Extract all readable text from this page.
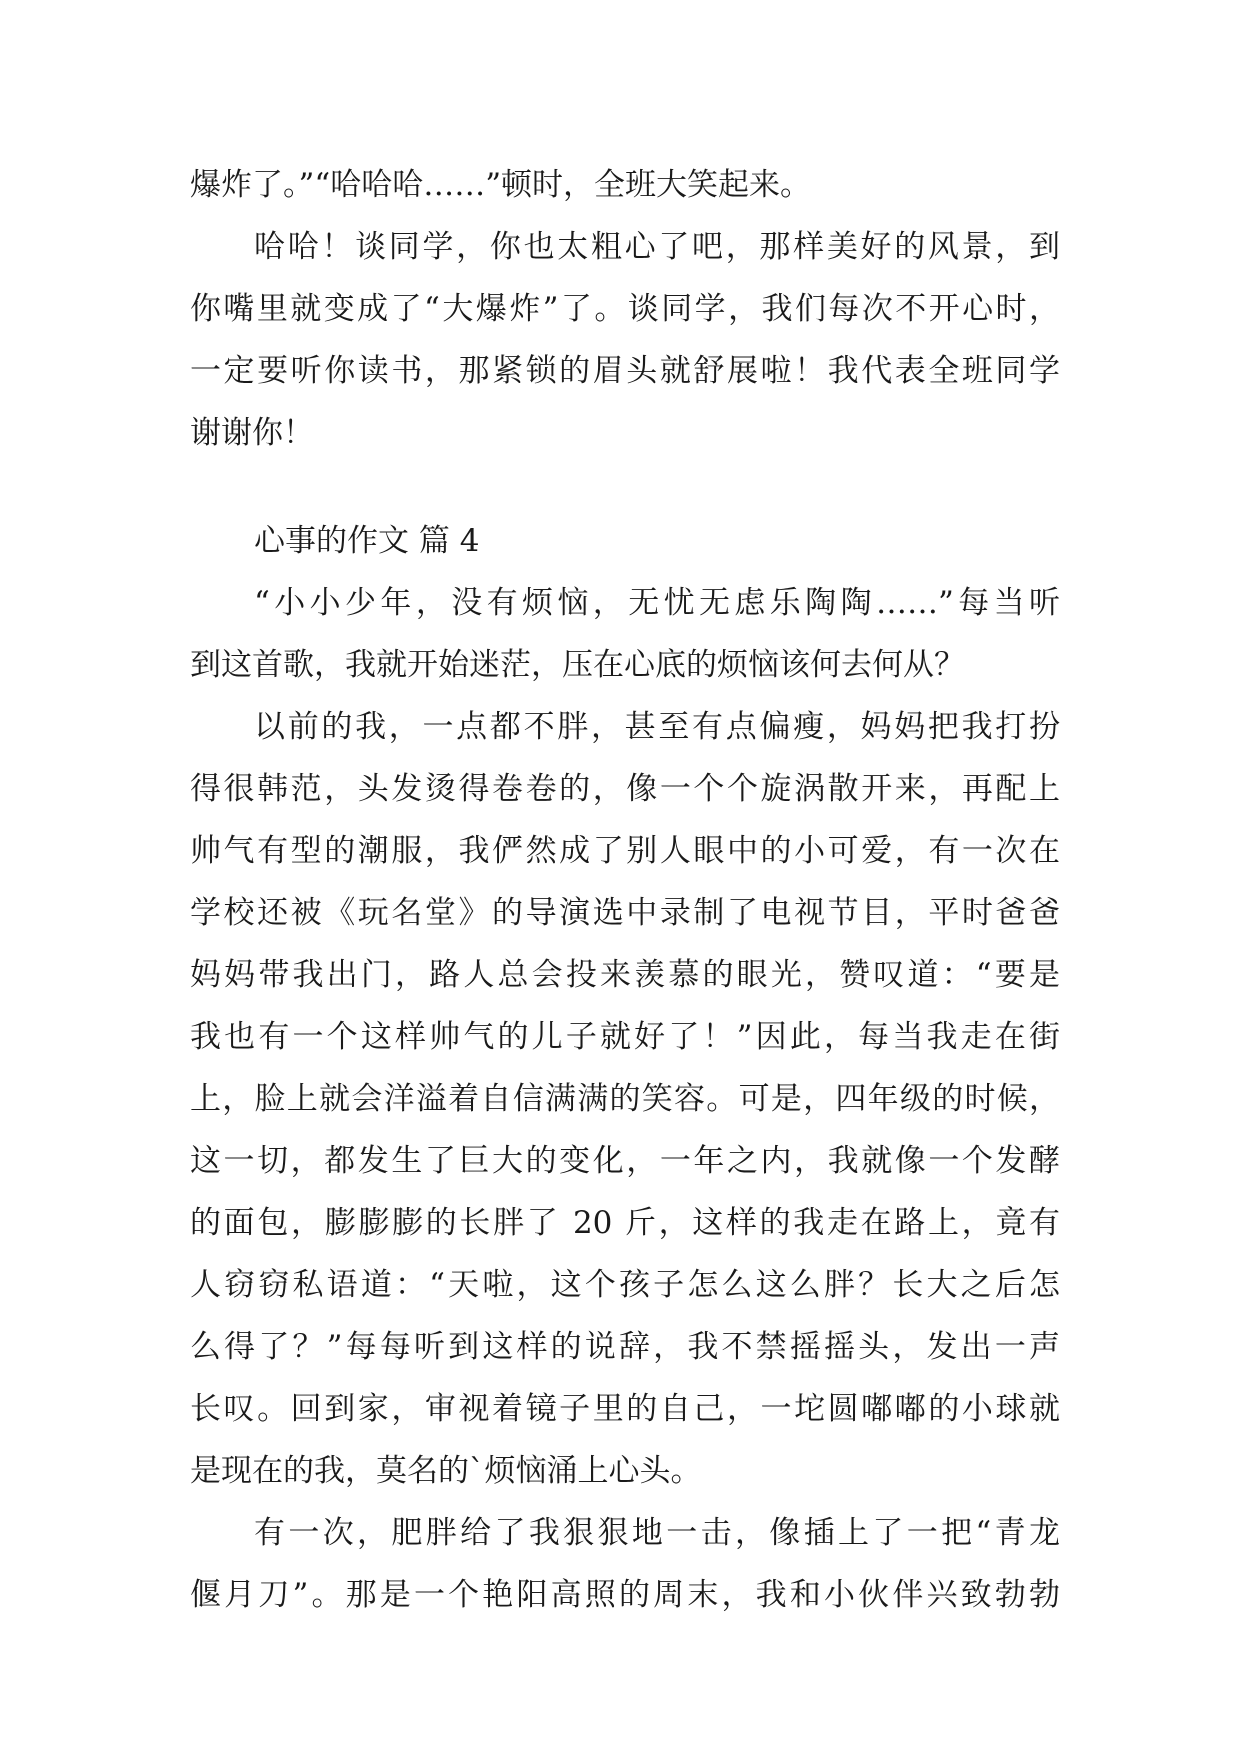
爆炸了。”“哈哈哈……”顿时，全班大笑起来。
哈哈！谈同学，你也太粗心了吧，那样美好的风景，到
你嘴里就变成了“大爆炸”了。谈同学，我们每次不开心时，
一定要听你读书，那紧锁的眉头就舒展啦！我代表全班同学
谢谢你！
心事的作文 篇 4
“小小少年，没有烦恼，无忧无虑乐陶陶……”每当听
到这首歌，我就开始迷茫，压在心底的烦恼该何去何从？
以前的我，一点都不胖，甚至有点偏瘦，妈妈把我打扮
得很韩范，头发烫得卷卷的，像一个个旋涡散开来，再配上
帅气有型的潮服，我俨然成了别人眼中的小可爱，有一次在
学校还被《玩名堂》的导演选中录制了电视节目，平时爸爸
妈妈带我出门，路人总会投来羡慕的眼光，赞叹道：“要是
我也有一个这样帅气的儿子就好了！”因此，每当我走在街
上，脸上就会洋溢着自信满满的笑容。可是，四年级的时候，
这一切，都发生了巨大的变化，一年之内，我就像一个发酵
的面包，膨膨膨的长胖了 20 斤，这样的我走在路上，竟有
人窃窃私语道：“天啦，这个孩子怎么这么胖？长大之后怎
么得了？”每每听到这样的说辞，我不禁摇摇头，发出一声
长叹。回到家，审视着镜子里的自己，一坨圆嘟嘟的小球就
是现在的我，莫名的`烦恼涌上心头。
有一次，肥胖给了我狠狠地一击，像插上了一把“青龙
偃月刀”。那是一个艳阳高照的周末，我和小伙伴兴致勃勃
